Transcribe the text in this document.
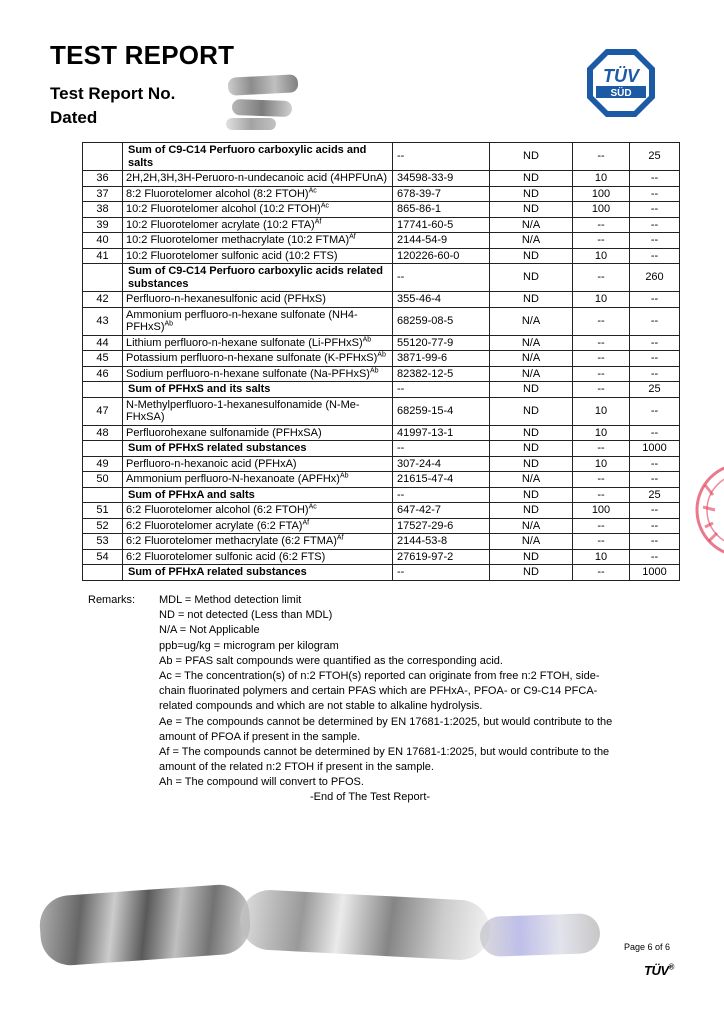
TEST REPORT
Test Report No.
Dated
TÜV
SÜD
	Sum of C9-C14 Perfuoro carboxylic acids and salts	--	ND	--	25
36	2H,2H,3H,3H-Peruoro-n-undecanoic acid (4HPFUnA)	34598-33-9	ND	10	--
37	8:2 Fluorotelomer alcohol (8:2 FTOH)$^{Ac}$	678-39-7	ND	100	--
38	10:2 Fluorotelomer alcohol (10:2 FTOH)$^{Ac}$	865-86-1	ND	100	--
39	10:2 Fluorotelomer acrylate (10:2 FTA)$^{Af}$	17741-60-5	N/A	--	--
40	10:2 Fluorotelomer methacrylate (10:2 FTMA)$^{Af}$	2144-54-9	N/A	--	--
41	10:2 Fluorotelomer sulfonic acid (10:2 FTS)	120226-60-0	ND	10	--
	Sum of C9-C14 Perfuoro carboxylic acids related substances	--	ND	--	260
42	Perfluoro-n-hexanesulfonic acid (PFHxS)	355-46-4	ND	10	--
43	Ammonium perfluoro-n-hexane sulfonate (NH4-PFHxS)$^{Ab}$	68259-08-5	N/A	--	--
44	Lithium perfluoro-n-hexane sulfonate (Li-PFHxS)$^{Ab}$	55120-77-9	N/A	--	--
45	Potassium perfluoro-n-hexane sulfonate (K-PFHxS)$^{Ab}$	3871-99-6	N/A	--	--
46	Sodium perfluoro-n-hexane sulfonate (Na-PFHxS)$^{Ab}$	82382-12-5	N/A	--	--
	Sum of PFHxS and its salts	--	ND	--	25
47	N-Methylperfluoro-1-hexanesulfonamide (N-Me-FHxSA)	68259-15-4	ND	10	--
48	Perfluorohexane sulfonamide (PFHxSA)	41997-13-1	ND	10	--
	Sum of PFHxS related substances	--	ND	--	1000
49	Perfluoro-n-hexanoic acid (PFHxA)	307-24-4	ND	10	--
50	Ammonium perfluoro-N-hexanoate (APFHx)$^{Ab}$	21615-47-4	N/A	--	--
	Sum of PFHxA and salts	--	ND	--	25
51	6:2 Fluorotelomer alcohol (6:2 FTOH)$^{Ac}$	647-42-7	ND	100	--
52	6:2 Fluorotelomer acrylate (6:2 FTA)$^{Af}$	17527-29-6	N/A	--	--
53	6:2 Fluorotelomer methacrylate (6:2 FTMA)$^{Af}$	2144-53-8	N/A	--	--
54	6:2 Fluorotelomer sulfonic acid (6:2 FTS)	27619-97-2	ND	10	--
	Sum of PFHxA related substances	--	ND	--	1000
Remarks: MDL = Method detection limit
ND = not detected (Less than MDL)
N/A = Not Applicable
ppb=ug/kg = microgram per kilogram
Ab = PFAS salt compounds were quantified as the corresponding acid.
Ac = The concentration(s) of n:2 FTOH(s) reported can originate from free n:2 FTOH, side-
chain fluorinated polymers and certain PFAS which are PFHxA-, PFOA- or C9-C14 PFCA-
related compounds and which are not stable to alkaline hydrolysis.
Ae = The compounds cannot be determined by EN 17681-1:2025, but would contribute to the
amount of PFOA if present in the sample.
Af = The compounds cannot be determined by EN 17681-1:2025, but would contribute to the
amount of the related n:2 FTOH if present in the sample.
Ah = The compound will convert to PFOS.
-End of The Test Report-
Page 6 of 6
TÜV®
